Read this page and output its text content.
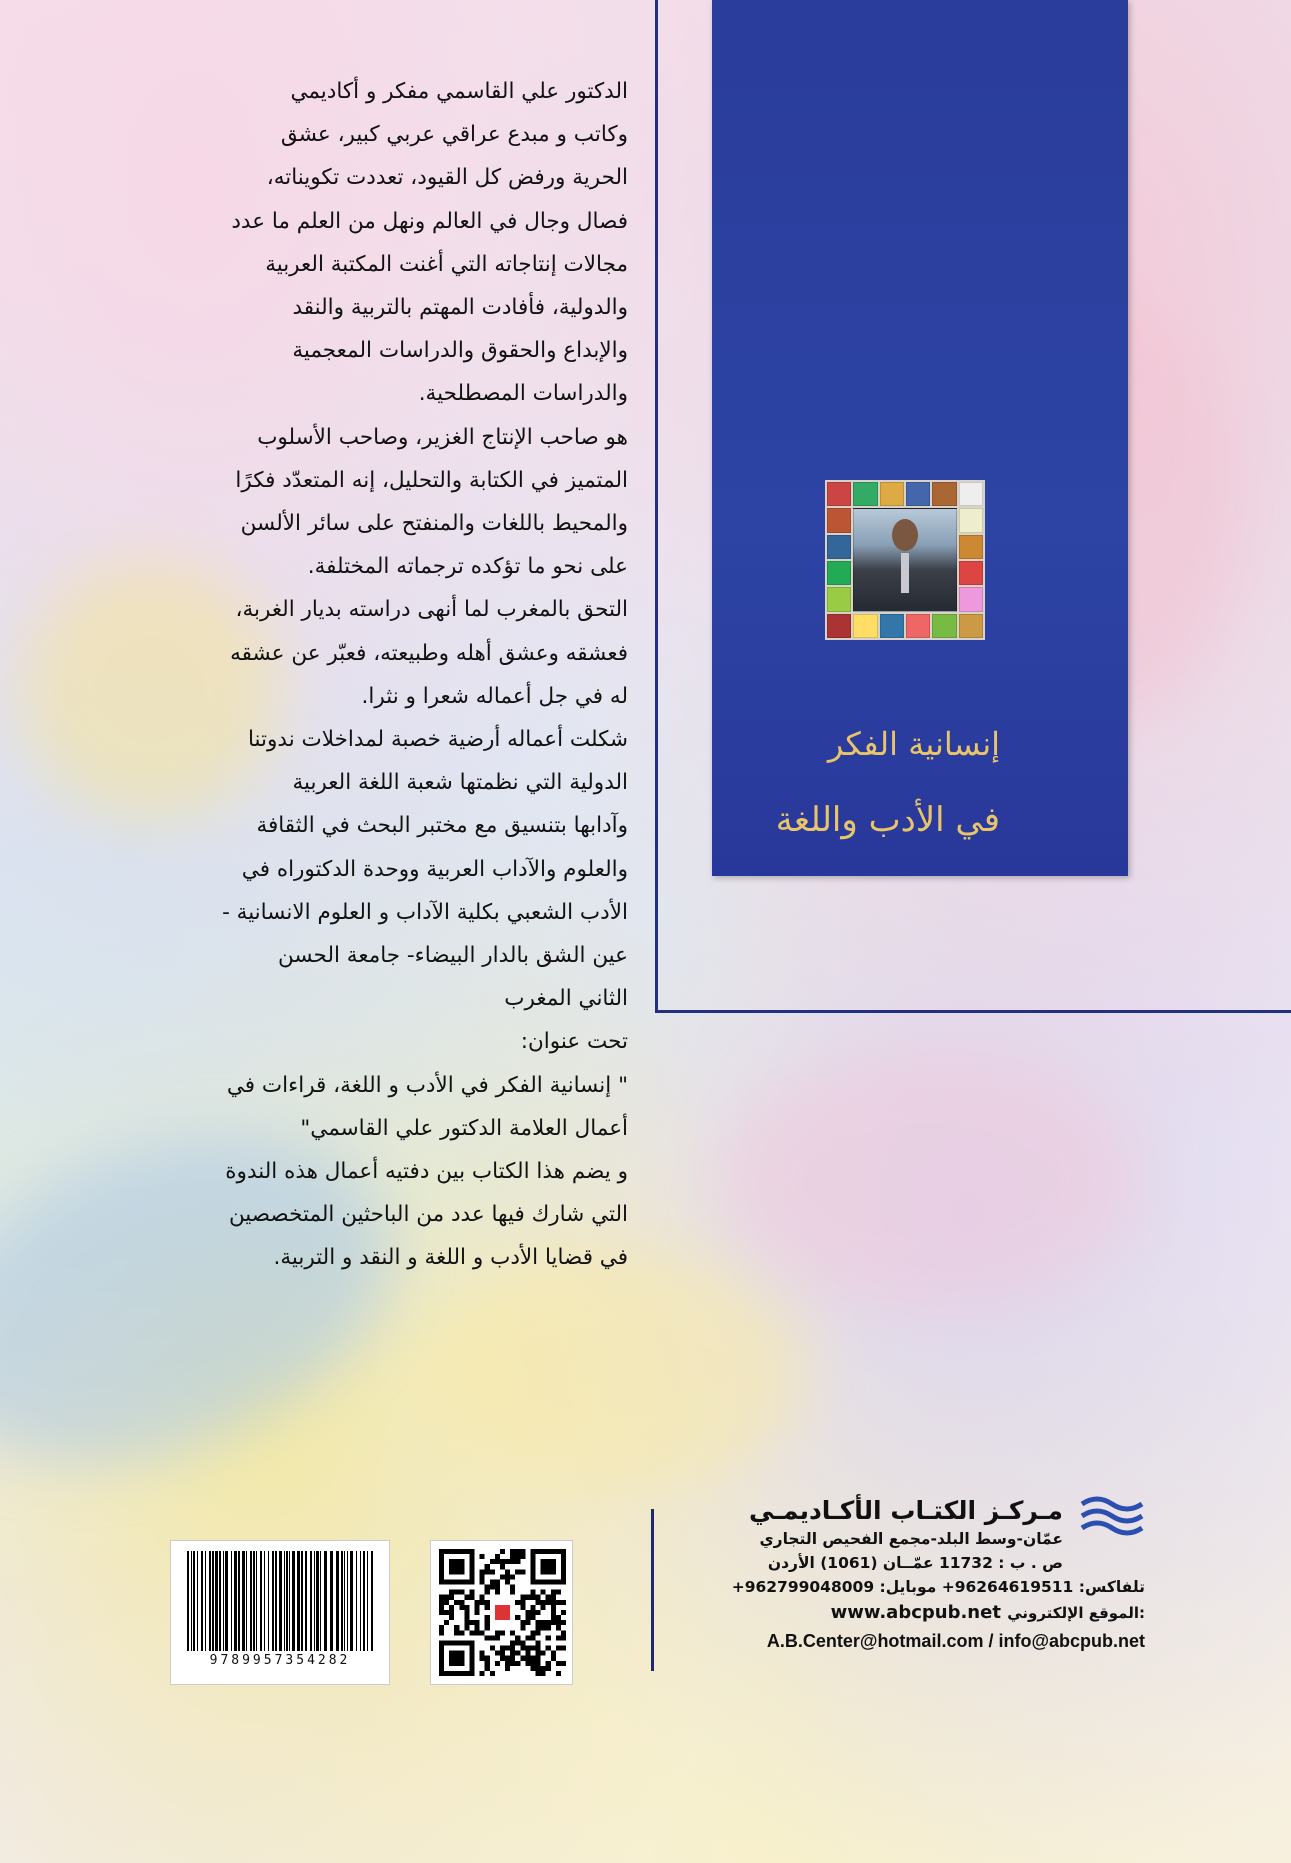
إنسانية الفكر
في الأدب واللغة
الدكتور علي القاسمي مفكر و أكاديمي
وكاتب و مبدع عراقي عربي كبير، عشق
الحرية ورفض كل القيود، تعددت تكويناته،
فصال وجال في العالم ونهل من العلم ما عدد
مجالات إنتاجاته التي أغنت المكتبة العربية
والدولية، فأفادت المهتم بالتربية والنقد
والإبداع والحقوق والدراسات المعجمية
والدراسات المصطلحية.
هو صاحب الإنتاج الغزير، وصاحب الأسلوب
المتميز في الكتابة والتحليل، إنه المتعدّد فكرًا
والمحيط باللغات والمنفتح على سائر الألسن
على نحو ما تؤكده ترجماته المختلفة.
التحق بالمغرب لما أنهى دراسته بديار الغربة،
فعشقه وعشق أهله وطبيعته، فعبّر عن عشقه
له في جل أعماله شعرا و نثرا.
شكلت أعماله أرضية خصبة لمداخلات ندوتنا
الدولية التي نظمتها شعبة اللغة العربية
وآدابها بتنسيق مع مختبر البحث في الثقافة
والعلوم والآداب العربية ووحدة الدكتوراه في
الأدب الشعبي بكلية الآداب و العلوم الانسانية -
عين الشق بالدار البيضاء- جامعة الحسن
الثاني المغرب
تحت عنوان:
" إنسانية الفكر في الأدب و اللغة، قراءات في
أعمال العلامة الدكتور علي القاسمي"
و يضم هذا الكتاب بين دفتيه أعمال هذه الندوة
التي شارك فيها عدد من الباحثين المتخصصين
في قضايا الأدب و اللغة و النقد و التربية.
9789957354282
مـركـز الكتـاب الأكـاديمـي
عمّان-وسط البلد-مجمع الفحيص التجاري
ص . ب : 11732 عمّــان (1061) الأردن
تلفاكس: 96264619511+ موبايل: 962799048009+
www.abcpub.net الموقع الإلكتروني:
A.B.Center@hotmail.com / info@abcpub.net
